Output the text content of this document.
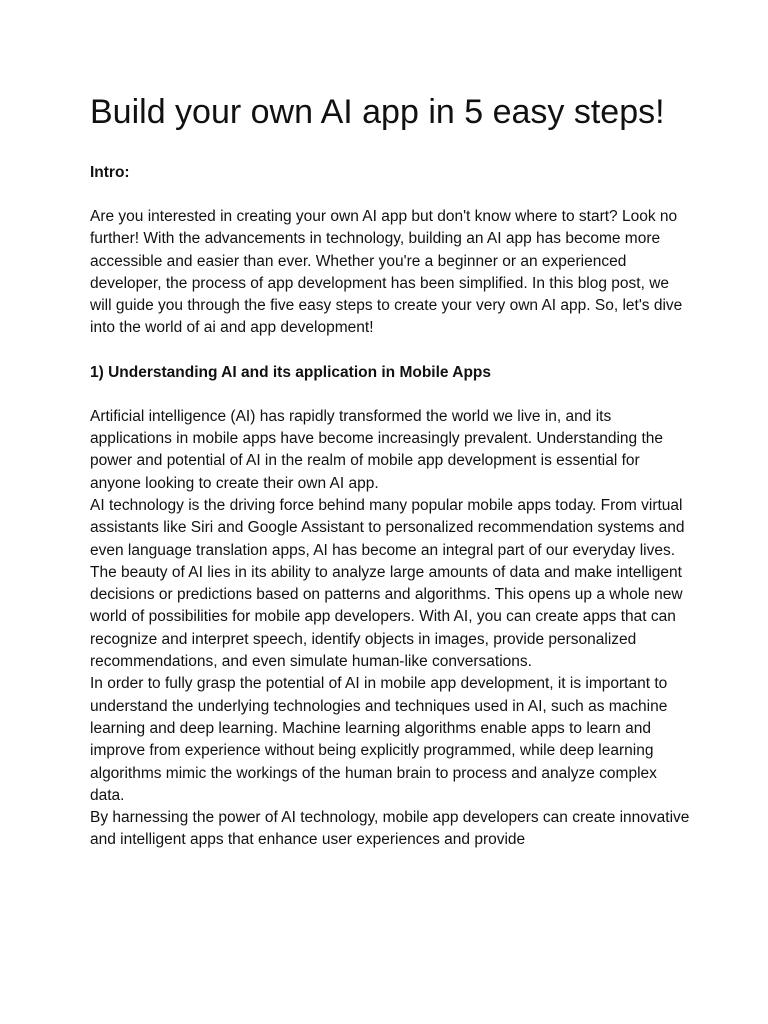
Build your own AI app in 5 easy steps!

Intro:

Are you interested in creating your own AI app but don't know where to start? Look no further! With the advancements in technology, building an AI app has become more accessible and easier than ever. Whether you're a beginner or an experienced developer, the process of app development has been simplified. In this blog post, we will guide you through the five easy steps to create your very own AI app. So, let's dive into the world of ai and app development!

1) Understanding AI and its application in Mobile Apps

Artificial intelligence (AI) has rapidly transformed the world we live in, and its applications in mobile apps have become increasingly prevalent. Understanding the power and potential of AI in the realm of mobile app development is essential for anyone looking to create their own AI app.

AI technology is the driving force behind many popular mobile apps today. From virtual assistants like Siri and Google Assistant to personalized recommendation systems and even language translation apps, AI has become an integral part of our everyday lives.

The beauty of AI lies in its ability to analyze large amounts of data and make intelligent decisions or predictions based on patterns and algorithms. This opens up a whole new world of possibilities for mobile app developers. With AI, you can create apps that can recognize and interpret speech, identify objects in images, provide personalized recommendations, and even simulate human-like conversations.

In order to fully grasp the potential of AI in mobile app development, it is important to understand the underlying technologies and techniques used in AI, such as machine learning and deep learning. Machine learning algorithms enable apps to learn and improve from experience without being explicitly programmed, while deep learning algorithms mimic the workings of the human brain to process and analyze complex data.

By harnessing the power of AI technology, mobile app developers can create innovative and intelligent apps that enhance user experiences and provide
